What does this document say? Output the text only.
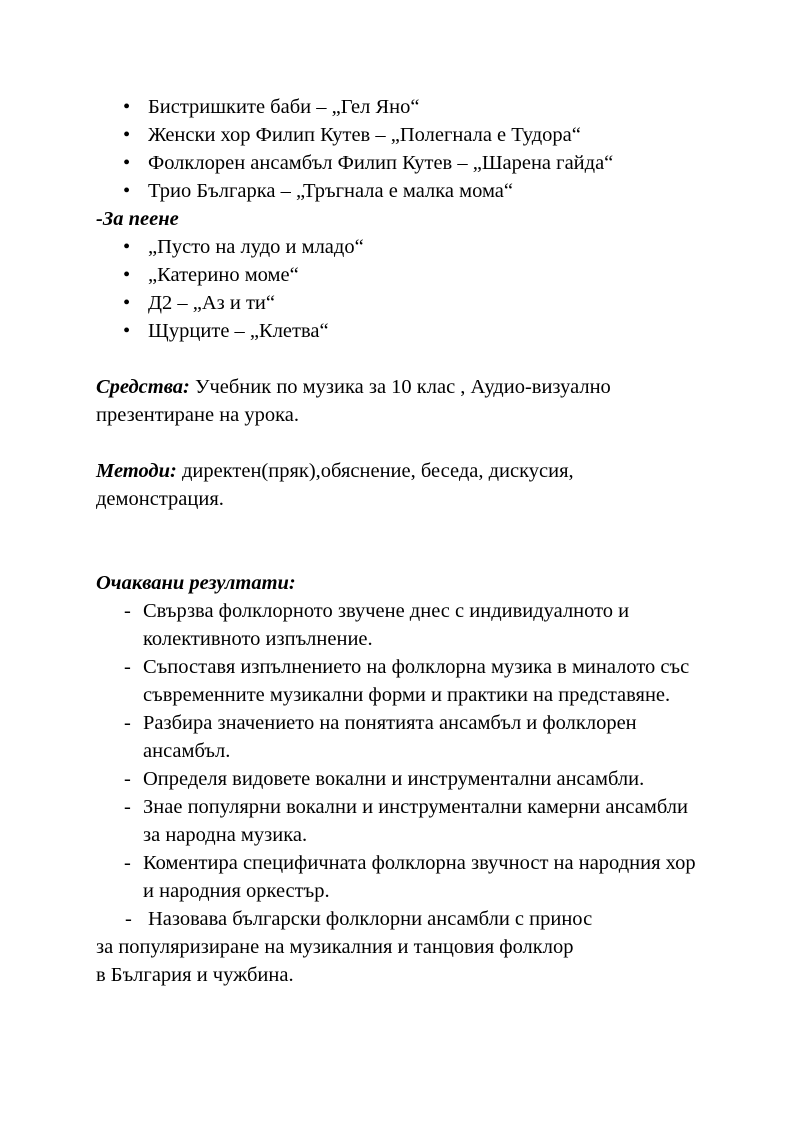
• Бистришките баби – „Гел Яно“
• Женски хор Филип Кутев – „Полегнала е Тудора“
• Фолклорен ансамбъл Филип Кутев – „Шарена гайда“
• Трио Българка – „Тръгнала е малка мома“

-За пеене

• „Пусто на лудо и младо“
• „Катерино моме“
• Д2 – „Аз и ти“
• Щурците – „Клетва“

Средства: Учебник по музика за 10 клас , Аудио-визуално презентиране на урока.

Методи: директен(пряк),обяснение, беседа, дискусия, демонстрация.

Очаквани резултати:

- Свързва фолклорното звучене днес с индивидуалното и колективното изпълнение.
- Съпоставя изпълнението на фолклорна музика в миналото със съвременните музикални форми и практики на представяне.
- Разбира значението на понятията ансамбъл и фолклорен ансамбъл.
- Определя видовете вокални и инструментални ансамбли.
- Знае популярни вокални и инструментални камерни ансамбли за народна музика.
- Коментира специфичната фолклорна звучност на народния хор и народния оркестър.
- Назовава български фолклорни ансамбли с принос

за популяризиране на музикалния и танцовия фолклор

в България и чужбина.
